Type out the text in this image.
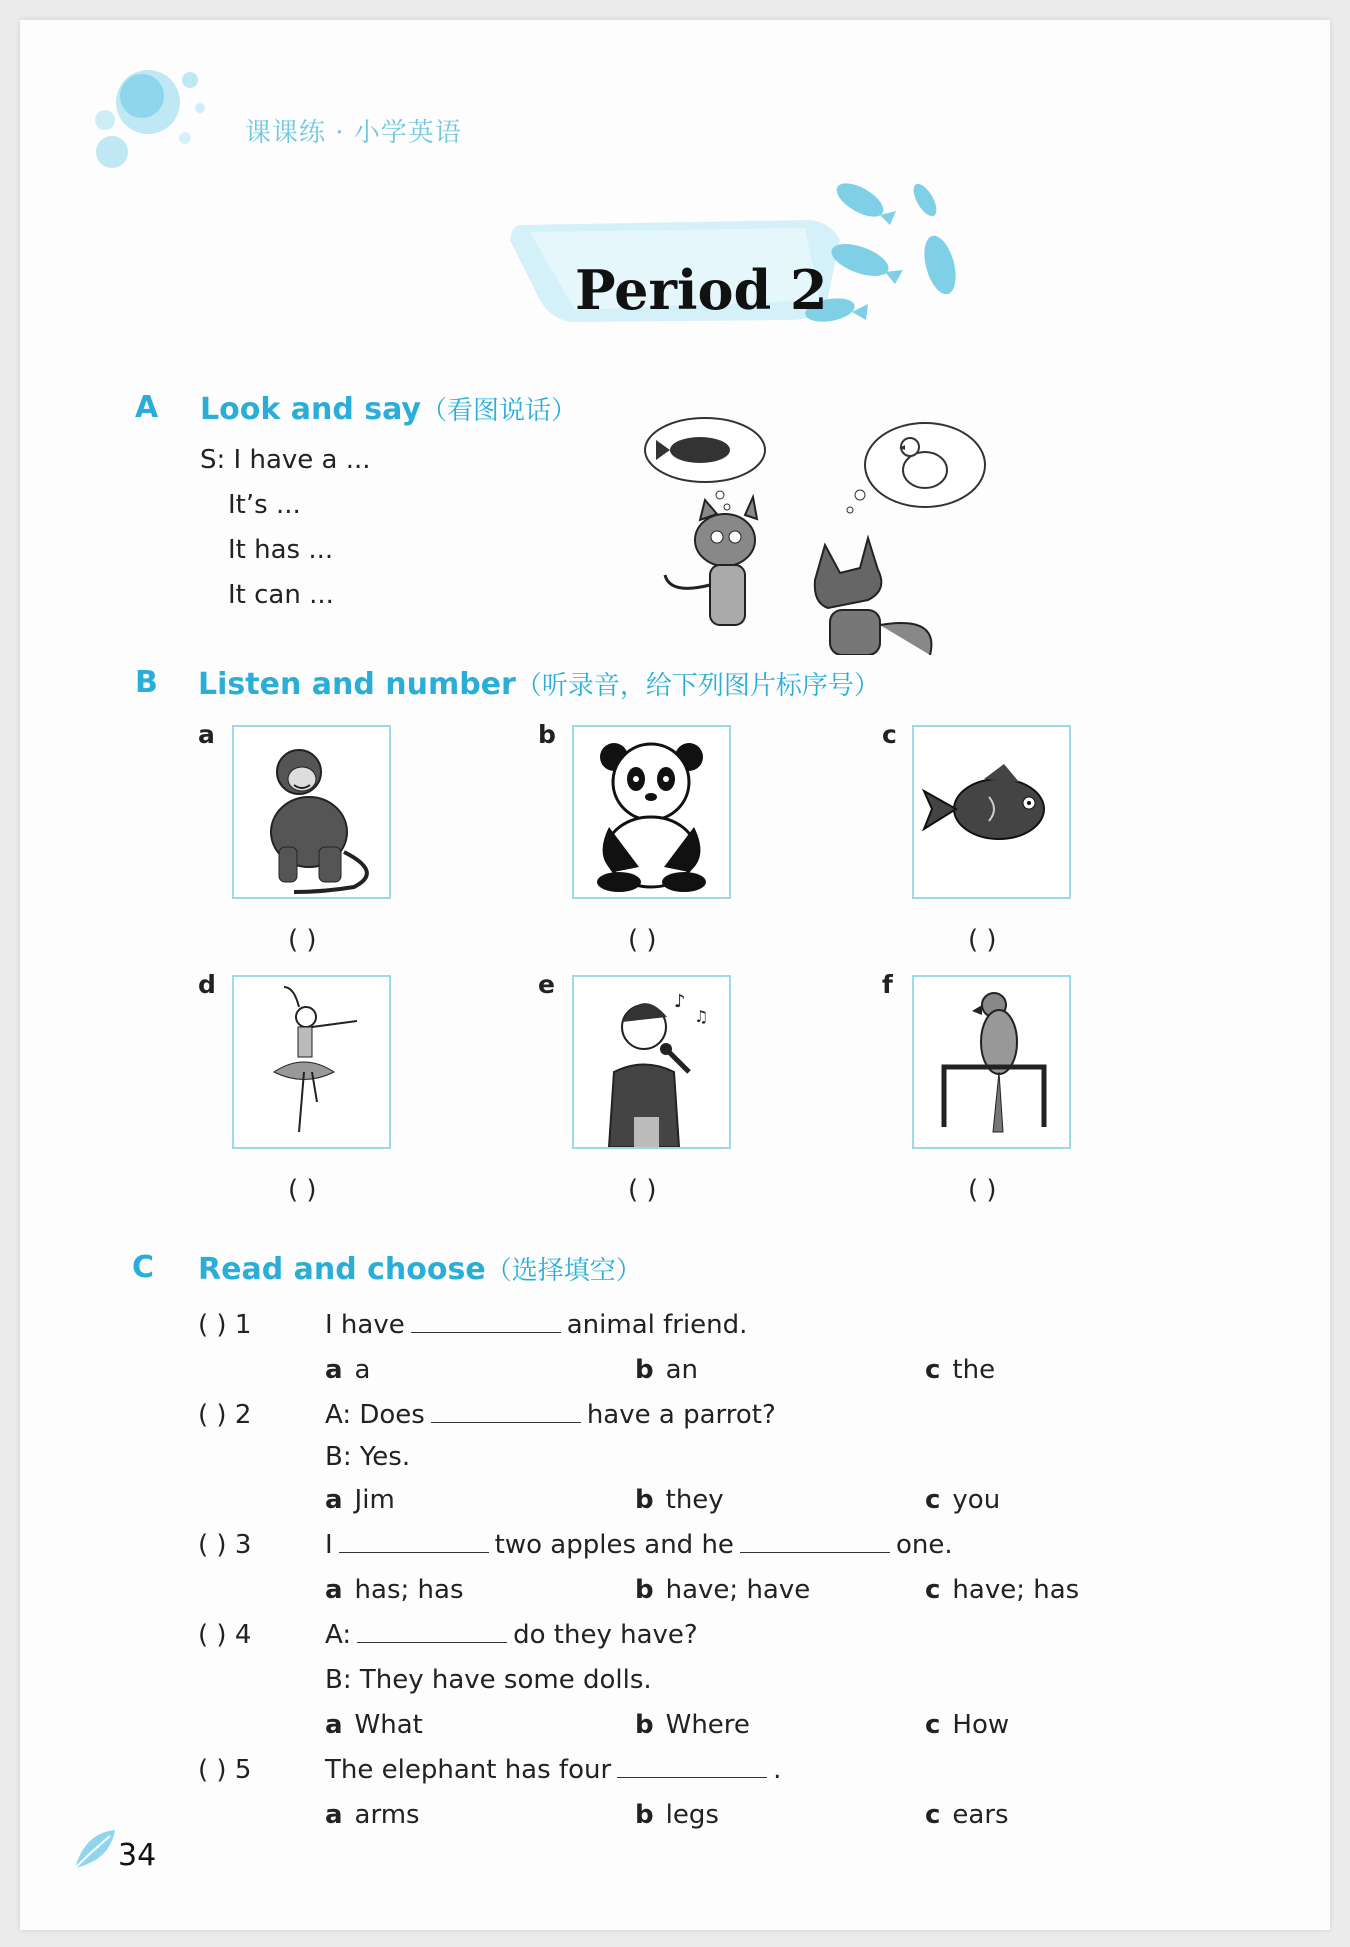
课课练 · 小学英语
Period 2
A Look and say（看图说话）
S: I have a ...
It’s ...
It has ...
It can ...
B Listen and number（听录音，给下列图片标序号）
a
( )
b
( )
c
( )
d
( )
e
♪
♫
( )
f
( )
C Read and choose（选择填空）
( ) 1	I have	animal friend.
a a	b an	c the
( ) 2	A: Does	have a parrot?
B: Yes.
a Jim	b they	c you
( ) 3	I	two apples and he	one.
a has; has	b have; have	c have; has
( ) 4	A:	do they have?
B: They have some dolls.
a What	b Where	c How
( ) 5	The elephant has four	.
a arms	b legs	c ears
34
